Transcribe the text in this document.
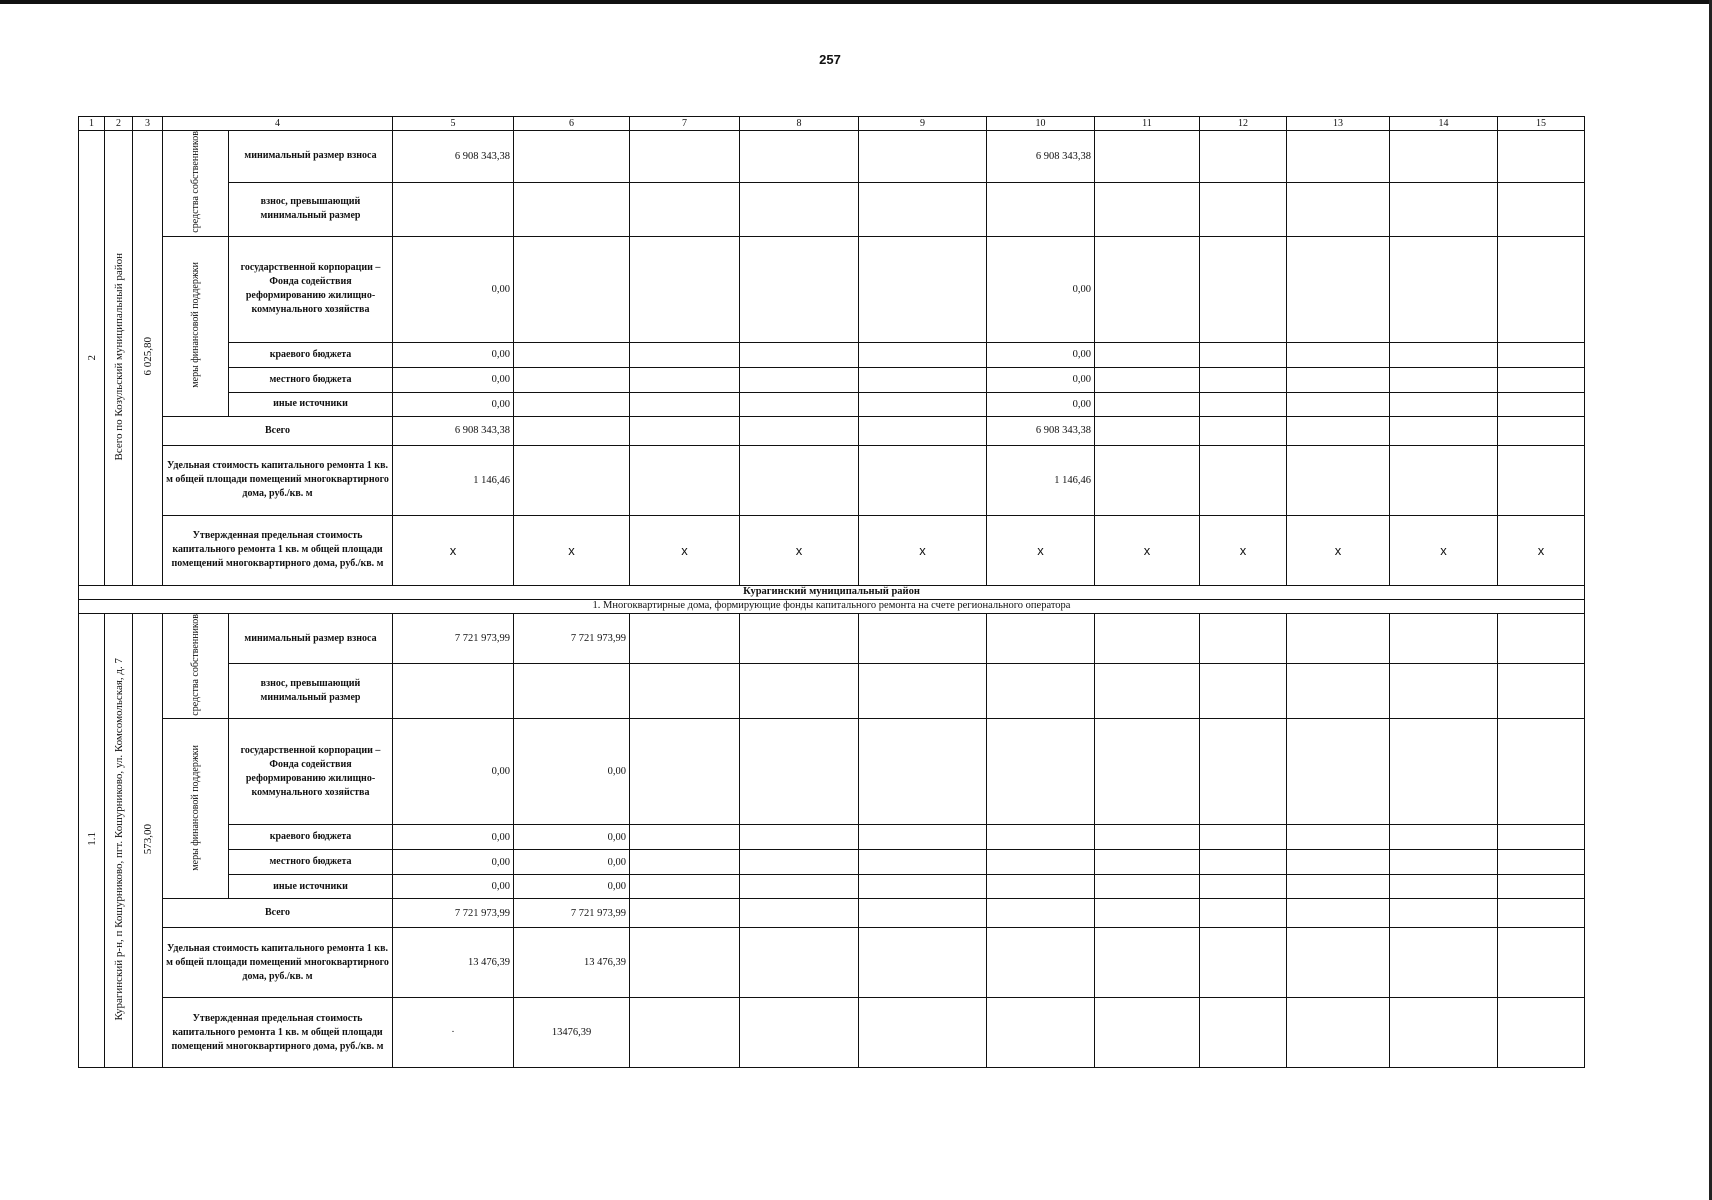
257
1	2	3	4		5	6	7	8	9	10	11	12	13	14	15
2	Всего по Козульский муниципальный район	6 025,80	средства собственников	минимальный размер взноса	6 908 343,38					6 908 343,38					
				взнос, превышающий минимальный размер											
			меры финансовой поддержки	государственной корпорации – Фонда содействия реформированию жилищно-коммунального хозяйства	0,00					0,00					
				краевого бюджета	0,00					0,00					
				местного бюджета	0,00					0,00					
				иные источники	0,00					0,00					
			Всего		6 908 343,38					6 908 343,38					
			Удельная стоимость капитального ремонта 1 кв. м общей площади помещений многоквартирного дома, руб./кв. м		1 146,46					1 146,46					
			Утвержденная предельная стоимость капитального ремонта 1 кв. м общей площади помещений многоквартирного дома, руб./кв. м		х	х	х	х	х	х	х	х	х	х	х
Курагинский муниципальный район															
1. Многоквартирные дома, формирующие фонды капитального ремонта на счете регионального оператора															
1.1	Курагинский р-н, п Кошурниково, пгт. Кошурниково, ул. Комсомольская, д. 7	573,00	средства собственников	минимальный размер взноса	7 721 973,99	7 721 973,99									
				взнос, превышающий минимальный размер											
			меры финансовой поддержки	государственной корпорации – Фонда содействия реформированию жилищно-коммунального хозяйства	0,00	0,00									
				краевого бюджета	0,00	0,00									
				местного бюджета	0,00	0,00									
				иные источники	0,00	0,00									
			Всего		7 721 973,99	7 721 973,99									
			Удельная стоимость капитального ремонта 1 кв. м общей площади помещений многоквартирного дома, руб./кв. м		13 476,39	13 476,39									
			Утвержденная предельная стоимость капитального ремонта 1 кв. м общей площади помещений многоквартирного дома, руб./кв. м		·	13476,39									
